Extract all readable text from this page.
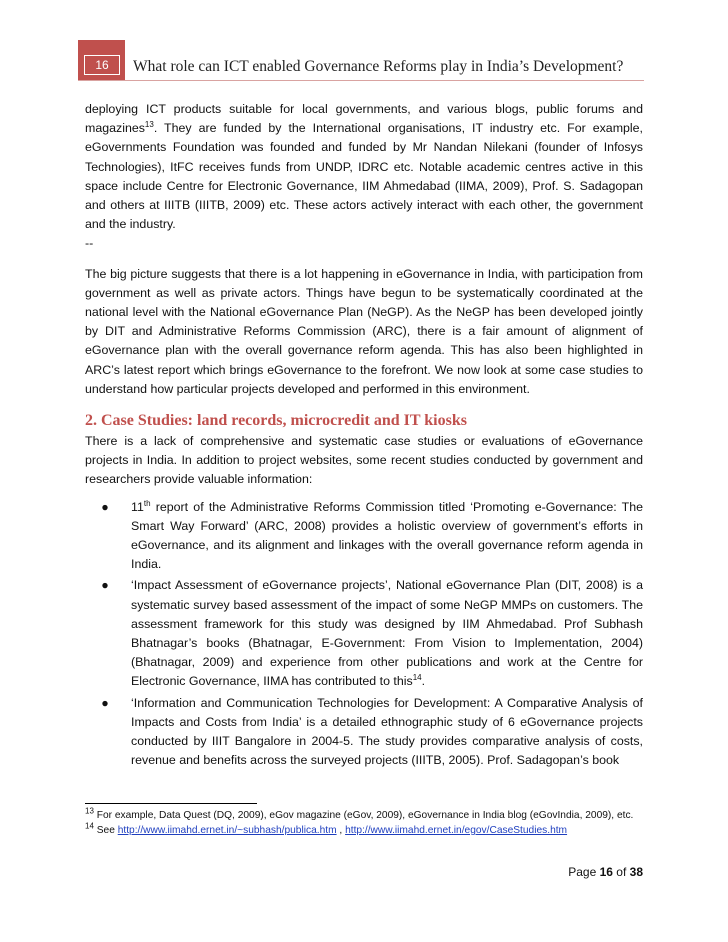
16	What role can ICT enabled Governance Reforms play in India’s Development?

deploying ICT products suitable for local governments, and various blogs, public forums and magazines$^{13}$. They are funded by the International organisations, IT industry etc. For example, eGovernments Foundation was founded and funded by Mr Nandan Nilekani (founder of Infosys Technologies), ItFC receives funds from UNDP, IDRC etc. Notable academic centres active in this space include Centre for Electronic Governance, IIM Ahmedabad (IIMA, 2009), Prof. S. Sadagopan and others at IIITB (IIITB, 2009) etc. These actors actively interact with each other, the government and the industry.

--

The big picture suggests that there is a lot happening in eGovernance in India, with participation from government as well as private actors. Things have begun to be systematically coordinated at the national level with the National eGovernance Plan (NeGP). As the NeGP has been developed jointly by DIT and Administrative Reforms Commission (ARC), there is a fair amount of alignment of eGovernance plan with the overall governance reform agenda. This has also been highlighted in ARC’s latest report which brings eGovernance to the forefront. We now look at some case studies to understand how particular projects developed and performed in this environment.

2. Case Studies: land records, microcredit and IT kiosks

There is a lack of comprehensive and systematic case studies or evaluations of eGovernance projects in India. In addition to project websites, some recent studies conducted by government and researchers provide valuable information:

● 11th report of the Administrative Reforms Commission titled ‘Promoting e-Governance: The Smart Way Forward’ (ARC, 2008) provides a holistic overview of government’s efforts in eGovernance, and its alignment and linkages with the overall governance reform agenda in India.
● ‘Impact Assessment of eGovernance projects’, National eGovernance Plan (DIT, 2008) is a systematic survey based assessment of the impact of some NeGP MMPs on customers. The assessment framework for this study was designed by IIM Ahmedabad. Prof Subhash Bhatnagar’s books (Bhatnagar, E-Government: From Vision to Implementation, 2004) (Bhatnagar, 2009) and experience from other publications and work at the Centre for Electronic Governance, IIMA has contributed to this$^{14}$.
● ‘Information and Communication Technologies for Development: A Comparative Analysis of Impacts and Costs from India’ is a detailed ethnographic study of 6 eGovernance projects conducted by IIIT Bangalore in 2004-5. The study provides comparative analysis of costs, revenue and benefits across the surveyed projects (IIITB, 2005). Prof. Sadagopan’s book

$^{13}$ For example, Data Quest (DQ, 2009), eGov magazine (eGov, 2009), eGovernance in India blog (eGovIndia, 2009), etc.

$^{14}$ See http://www.iimahd.ernet.in/~subhash/publica.htm , http://www.iimahd.ernet.in/egov/CaseStudies.htm

Page 16 of 38
